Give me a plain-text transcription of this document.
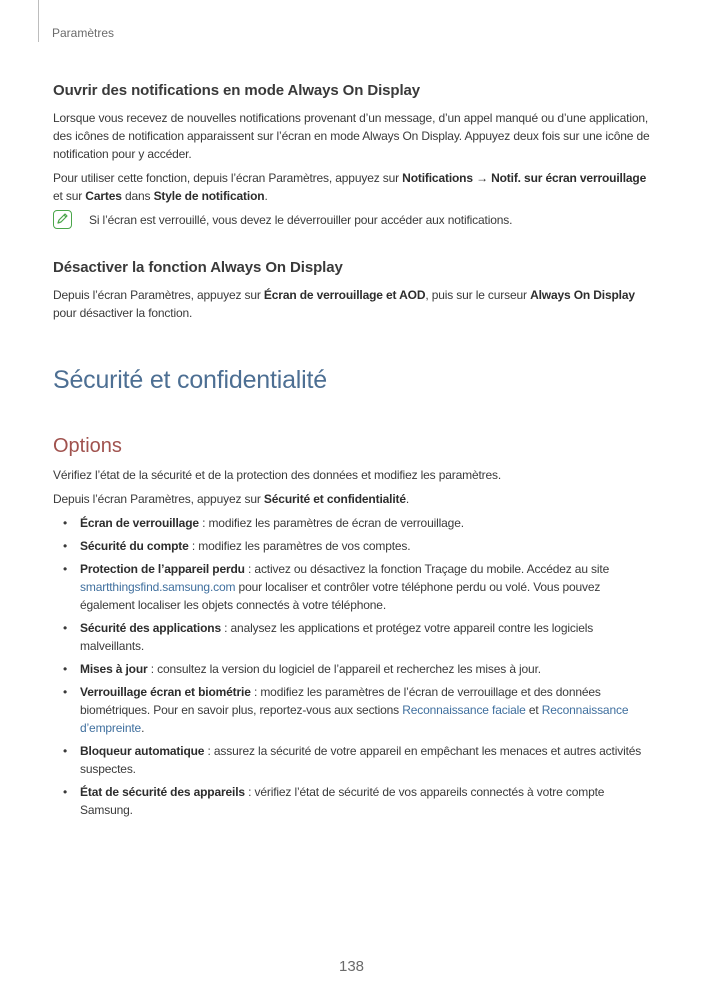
Paramètres
Ouvrir des notifications en mode Always On Display

Lorsque vous recevez de nouvelles notifications provenant d’un message, d’un appel manqué ou d’une application, des icônes de notification apparaissent sur l’écran en mode Always On Display. Appuyez deux fois sur une icône de notification pour y accéder.

Pour utiliser cette fonction, depuis l’écran Paramètres, appuyez sur Notifications → Notif. sur écran verrouillage et sur Cartes dans Style de notification.

Si l’écran est verrouillé, vous devez le déverrouiller pour accéder aux notifications.

Désactiver la fonction Always On Display

Depuis l’écran Paramètres, appuyez sur Écran de verrouillage et AOD, puis sur le curseur Always On Display pour désactiver la fonction.

Sécurité et confidentialité
Options

Vérifiez l’état de la sécurité et de la protection des données et modifiez les paramètres.

Depuis l’écran Paramètres, appuyez sur Sécurité et confidentialité.

• Écran de verrouillage : modifiez les paramètres de écran de verrouillage.
• Sécurité du compte : modifiez les paramètres de vos comptes.
• Protection de l’appareil perdu : activez ou désactivez la fonction Traçage du mobile. Accédez au site smartthingsfind.samsung.com pour localiser et contrôler votre téléphone perdu ou volé. Vous pouvez également localiser les objets connectés à votre téléphone.
• Sécurité des applications : analysez les applications et protégez votre appareil contre les logiciels malveillants.
• Mises à jour : consultez la version du logiciel de l’appareil et recherchez les mises à jour.
• Verrouillage écran et biométrie : modifiez les paramètres de l’écran de verrouillage et des données biométriques. Pour en savoir plus, reportez-vous aux sections Reconnaissance faciale et Reconnaissance d’empreinte.
• Bloqueur automatique : assurez la sécurité de votre appareil en empêchant les menaces et autres activités suspectes.
• État de sécurité des appareils : vérifiez l’état de sécurité de vos appareils connectés à votre compte Samsung.
138
